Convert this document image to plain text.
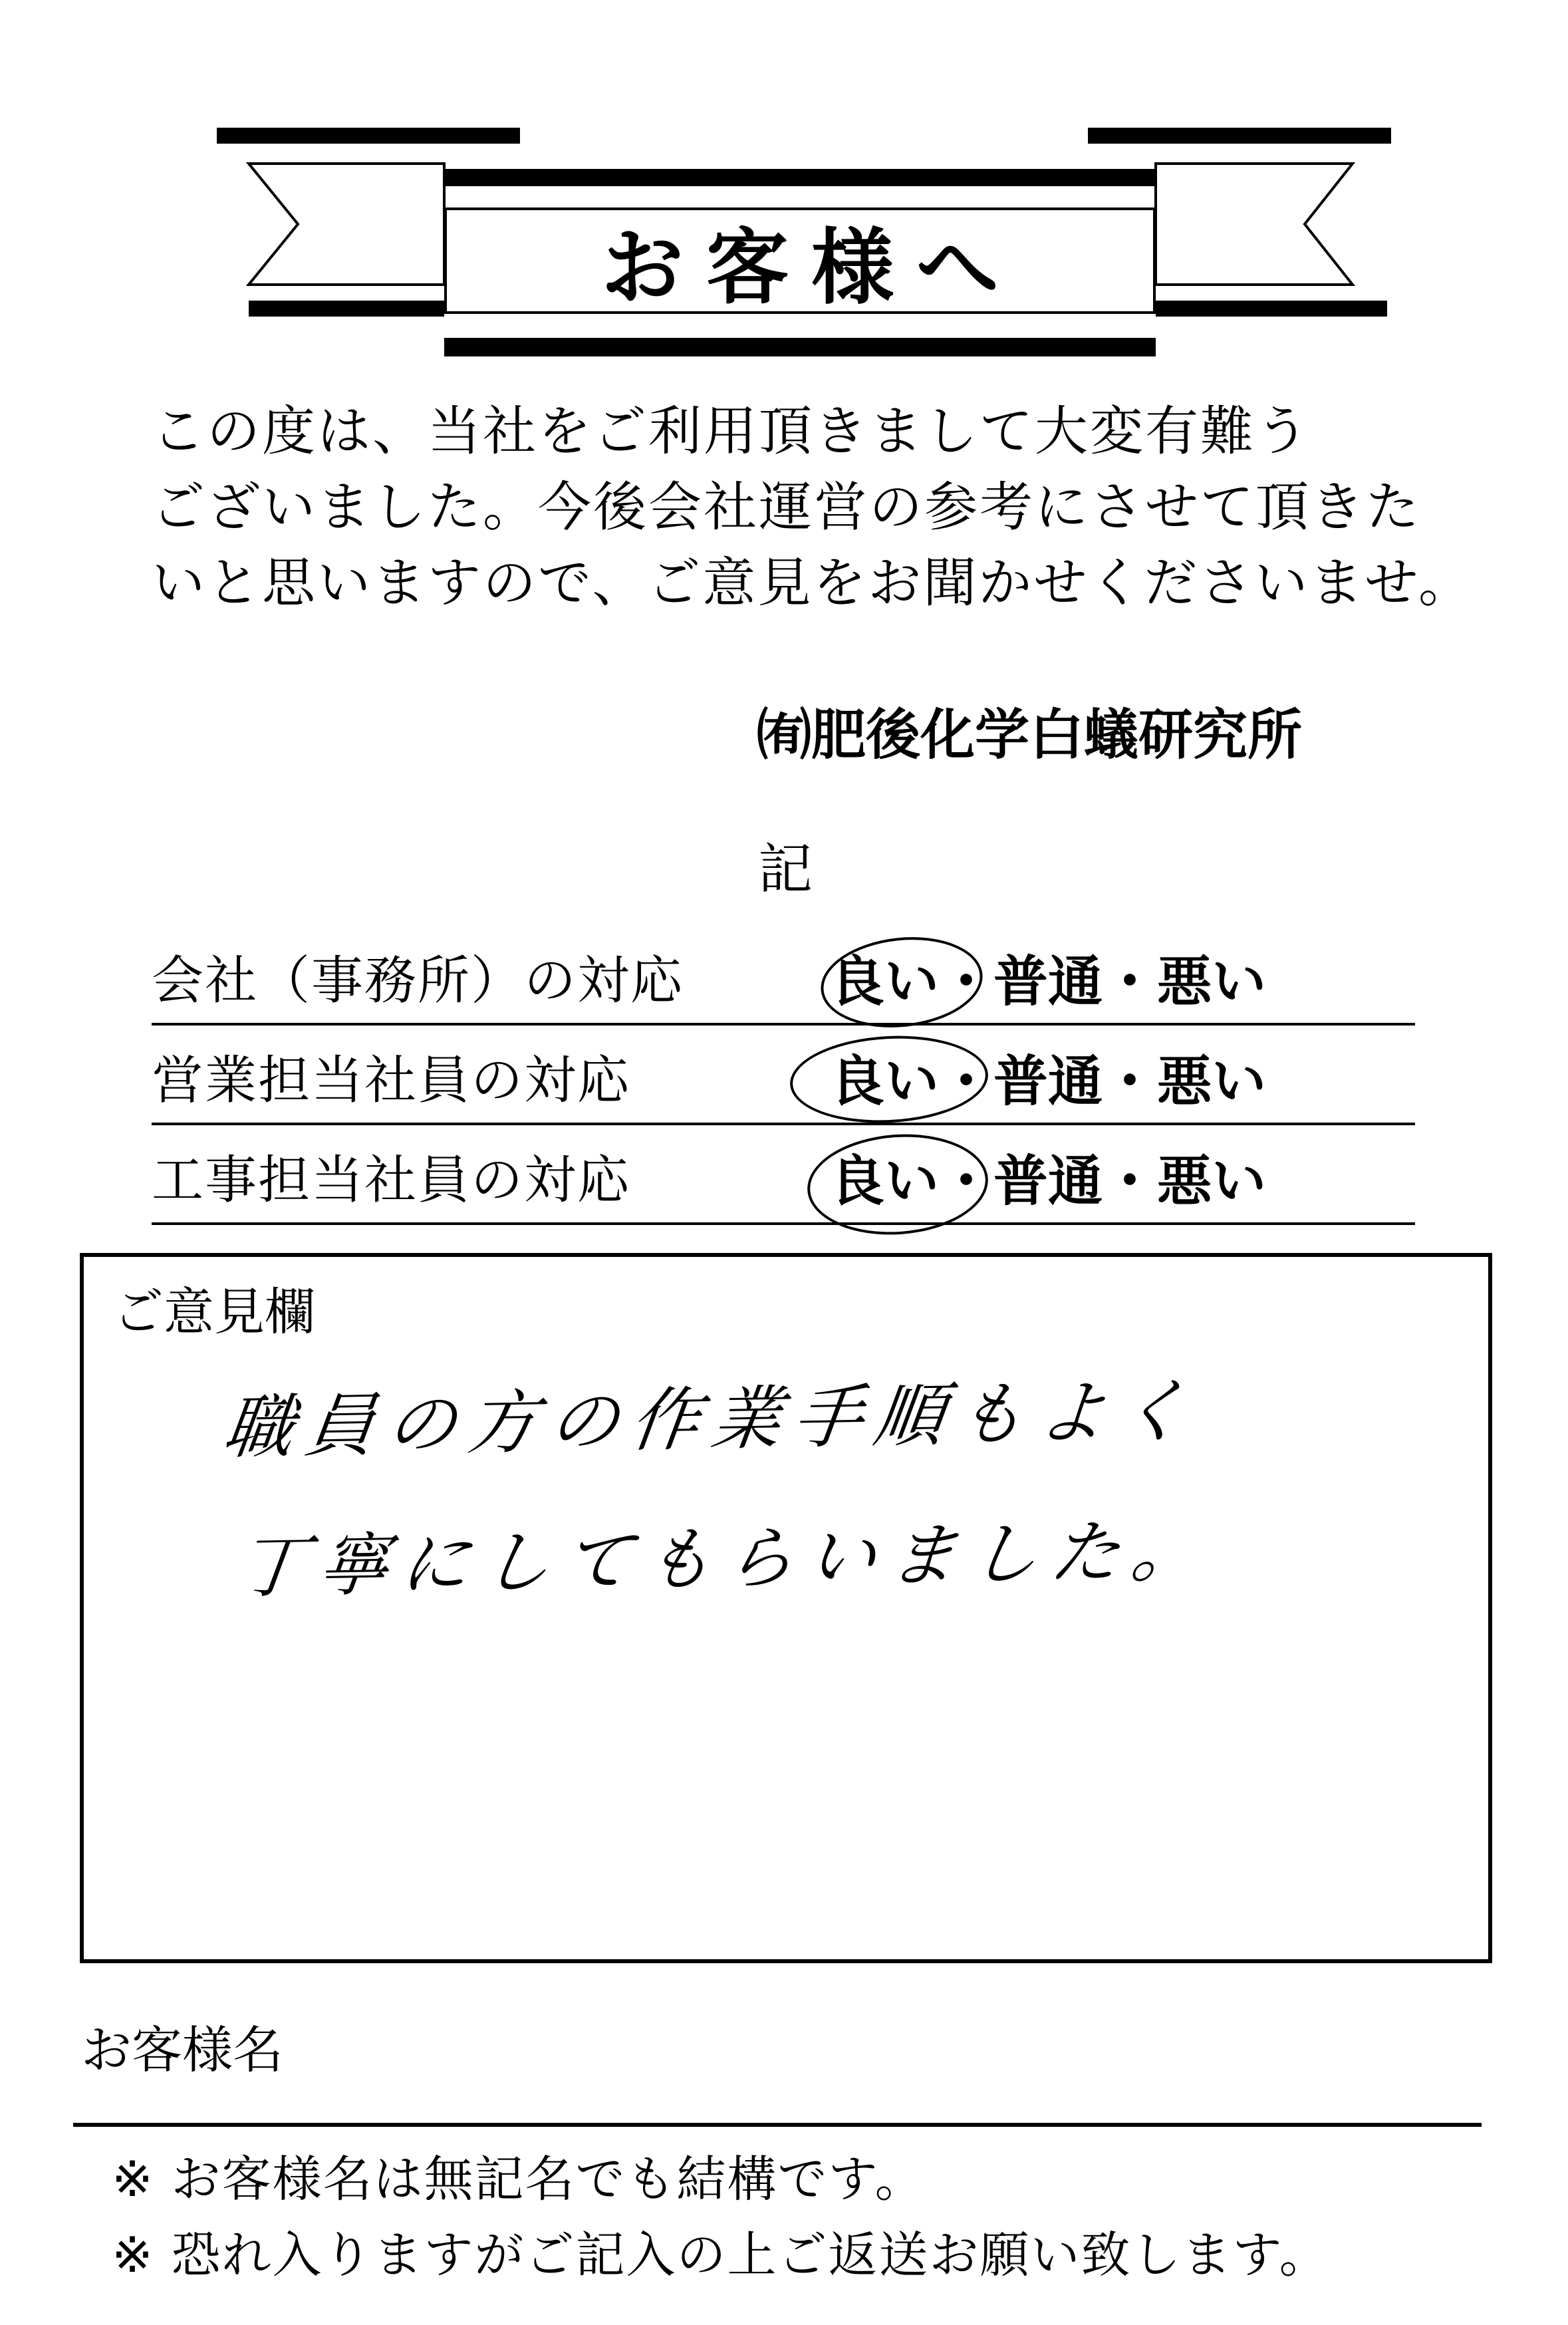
お客様へ
この度は、当社をご利用頂きまして大変有難う
ございました。今後会社運営の参考にさせて頂きた
いと思いますので、ご意見をお聞かせくださいませ。
㈲肥後化学白蟻研究所
記
会社（事務所）の対応	良い・普通・悪い
営業担当社員の対応	良い・普通・悪い
工事担当社員の対応	良い・普通・悪い
ご意見欄
職員の方の作業手順もよく
丁寧にしてもらいました。
お客様名
※ お客様名は無記名でも結構です。
※ 恐れ入りますがご記入の上ご返送お願い致します。
